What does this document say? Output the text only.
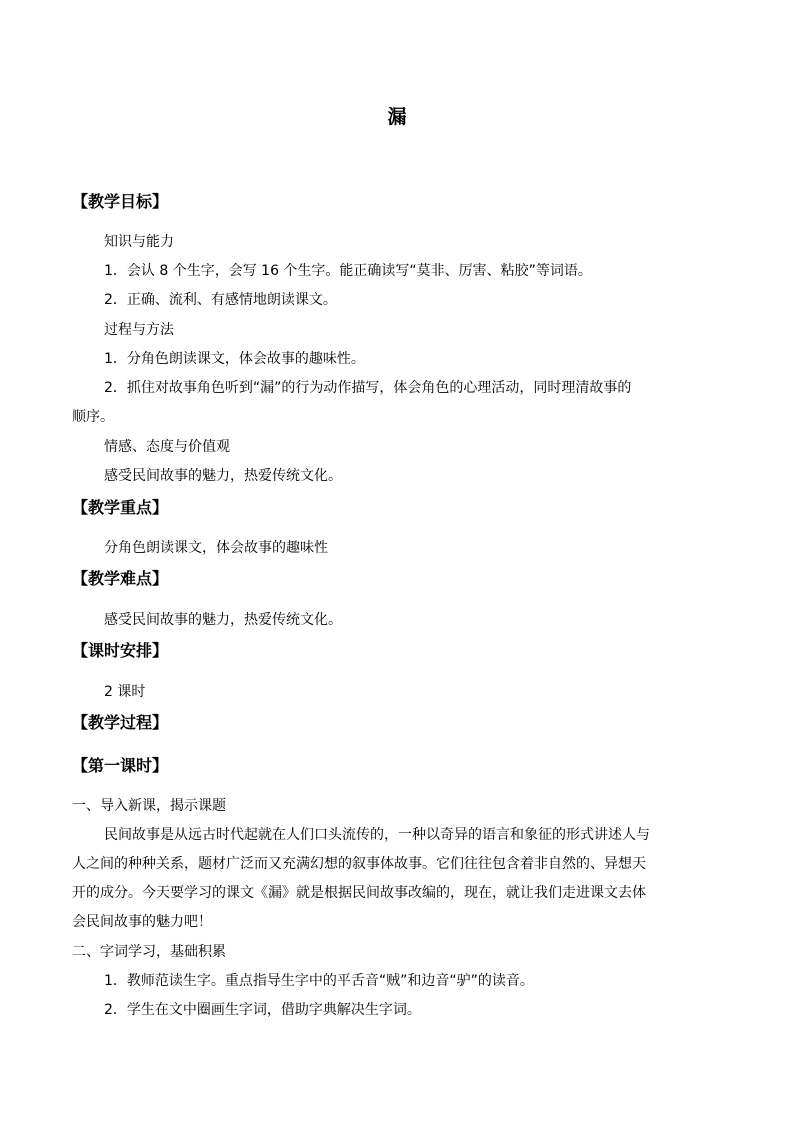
漏
【教学目标】
知识与能力
1．会认 8 个生字，会写 16 个生字。能正确读写“莫非、厉害、粘胶”等词语。
2．正确、流利、有感情地朗读课文。
过程与方法
1．分角色朗读课文，体会故事的趣味性。
2．抓住对故事角色听到“漏”的行为动作描写，体会角色的心理活动，同时理清故事的
顺序。
情感、态度与价值观
感受民间故事的魅力，热爱传统文化。
【教学重点】
分角色朗读课文，体会故事的趣味性
【教学难点】
感受民间故事的魅力，热爱传统文化。
【课时安排】
2 课时
【教学过程】
【第一课时】
一、导入新课，揭示课题
民间故事是从远古时代起就在人们口头流传的，一种以奇异的语言和象征的形式讲述人与
人之间的种种关系，题材广泛而又充满幻想的叙事体故事。它们往往包含着非自然的、异想天
开的成分。今天要学习的课文《漏》就是根据民间故事改编的，现在，就让我们走进课文去体
会民间故事的魅力吧！
二、字词学习，基础积累
1．教师范读生字。重点指导生字中的平舌音“贼”和边音“驴”的读音。
2．学生在文中圈画生字词，借助字典解决生字词。
